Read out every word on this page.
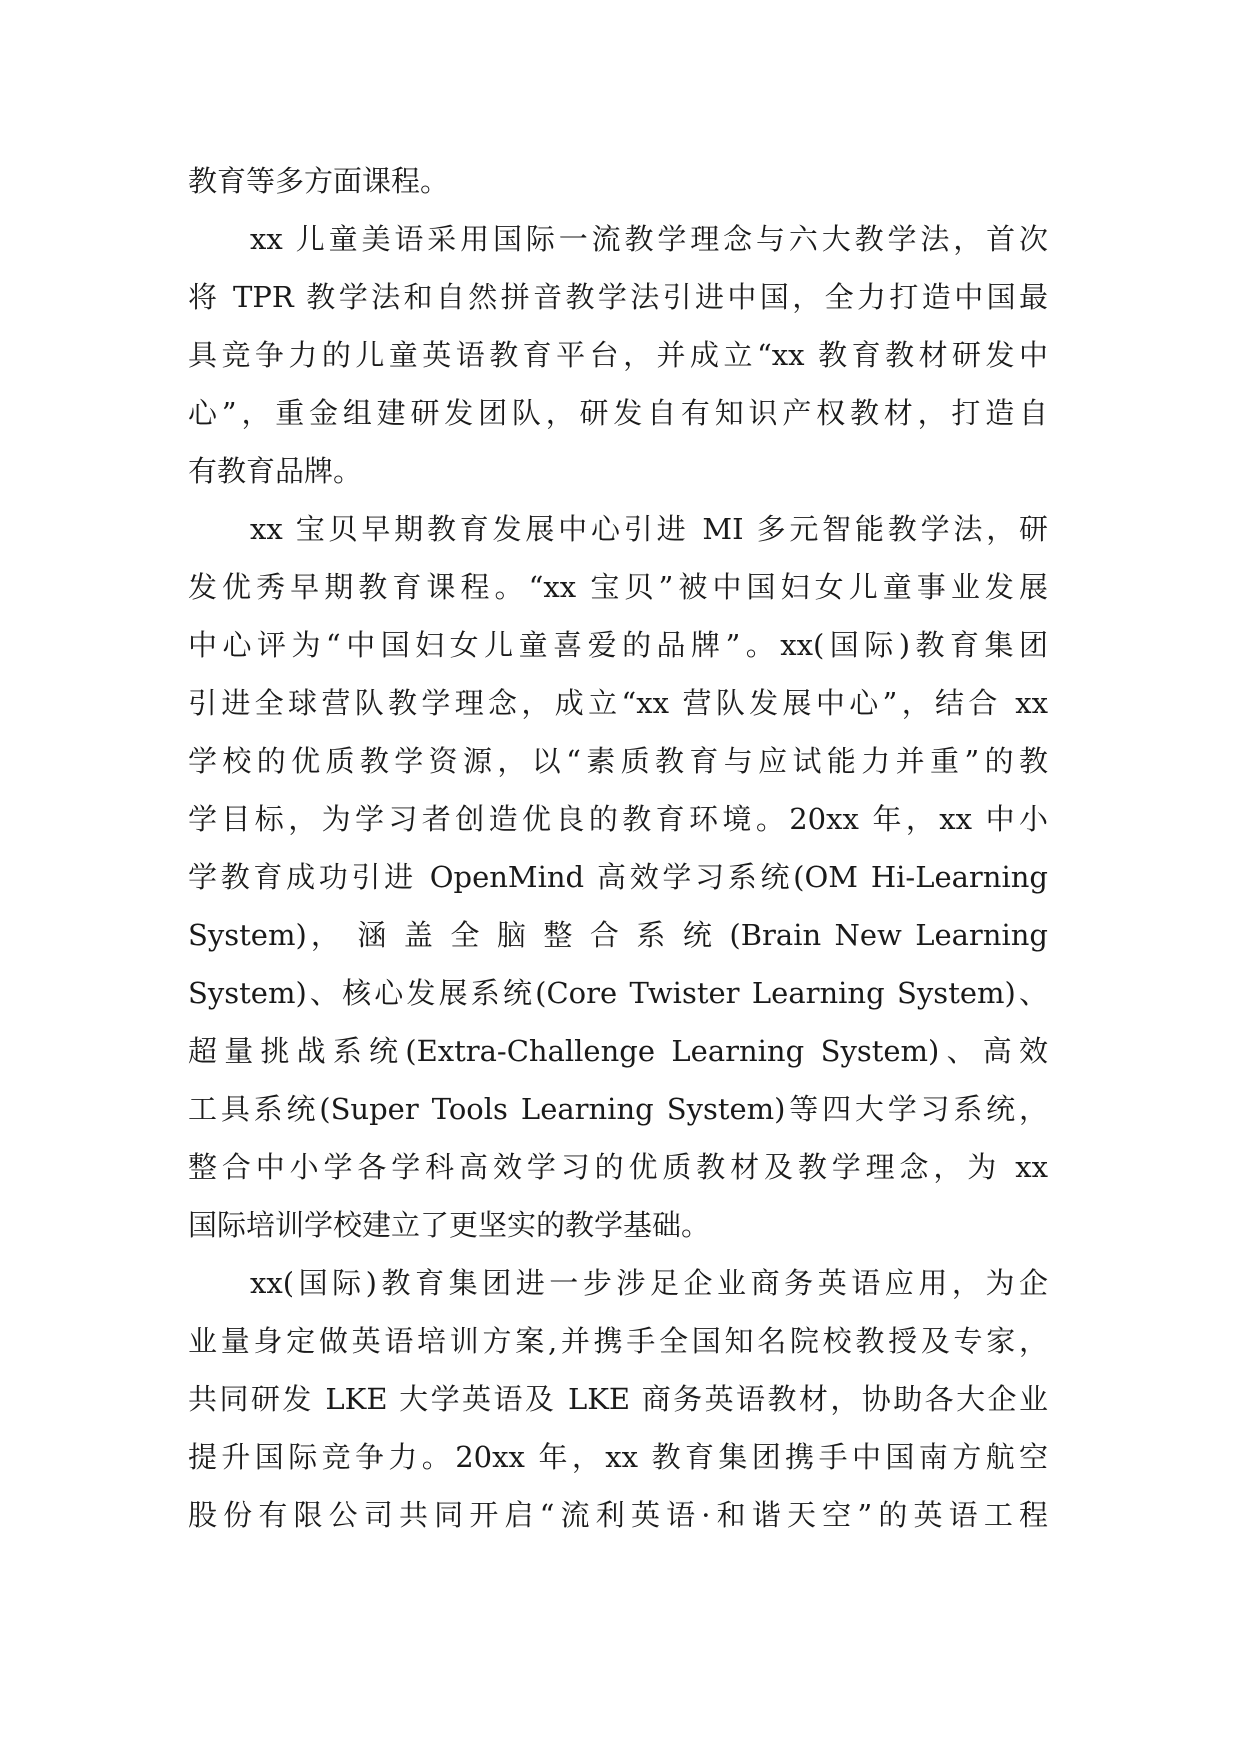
教育等多方面课程。
xx 儿童美语采用国际一流教学理念与六大教学法，首次
将 TPR 教学法和自然拼音教学法引进中国，全力打造中国最
具竞争力的儿童英语教育平台，并成立“xx 教育教材研发中
心”，重金组建研发团队，研发自有知识产权教材，打造自
有教育品牌。
xx 宝贝早期教育发展中心引进 MI 多元智能教学法，研
发优秀早期教育课程。“xx 宝贝”被中国妇女儿童事业发展
中心评为“中国妇女儿童喜爱的品牌”。xx(国际)教育集团
引进全球营队教学理念，成立“xx 营队发展中心”，结合 xx
学校的优质教学资源，以“素质教育与应试能力并重”的教
学目标，为学习者创造优良的教育环境。20xx 年，xx 中小
学教育成功引进 OpenMind 高效学习系统(OM Hi-Learning
System)， 涵 盖 全 脑 整 合 系 统 (Brain New Learning
System)、核心发展系统(Core Twister Learning System)、
超量挑战系统(Extra-Challenge Learning System)、高效
工具系统(Super Tools Learning System)等四大学习系统，
整合中小学各学科高效学习的优质教材及教学理念，为 xx
国际培训学校建立了更坚实的教学基础。
xx(国际)教育集团进一步涉足企业商务英语应用，为企
业量身定做英语培训方案,并携手全国知名院校教授及专家，
共同研发 LKE 大学英语及 LKE 商务英语教材，协助各大企业
提升国际竞争力。20xx 年，xx 教育集团携手中国南方航空
股份有限公司共同开启“流利英语·和谐天空”的英语工程
